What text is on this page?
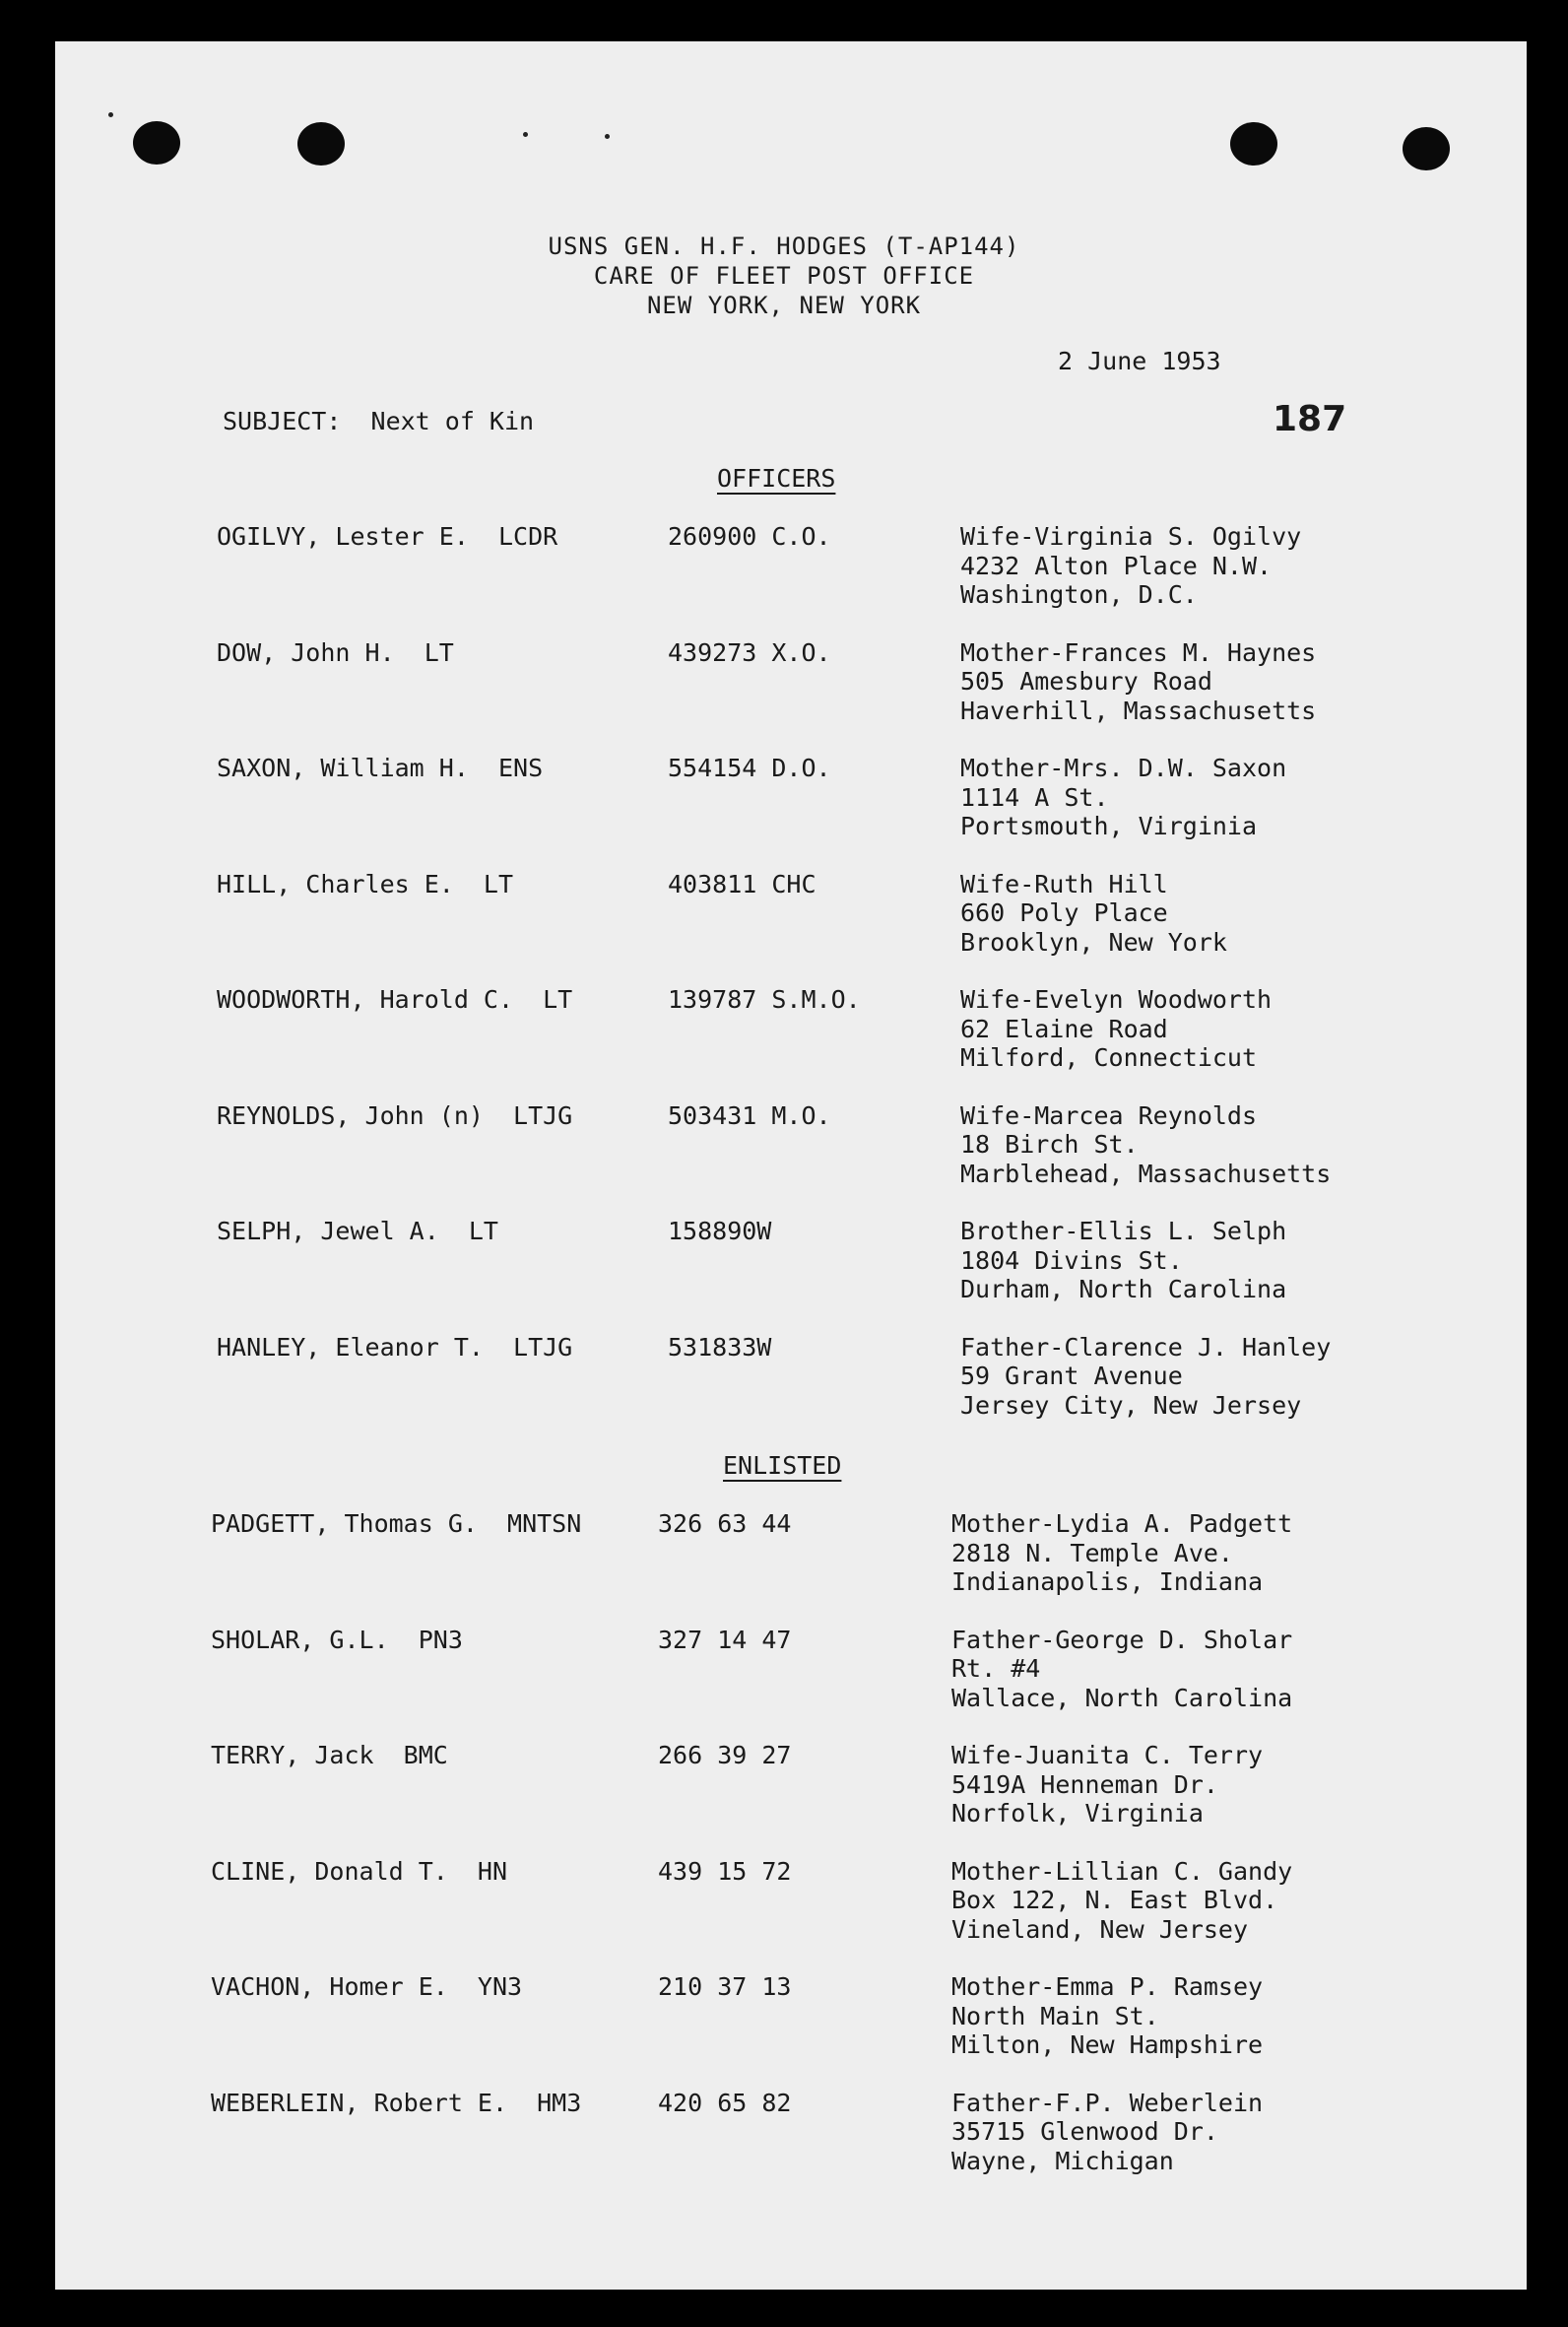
USNS GEN. H.F. HODGES (T-AP144)
CARE OF FLEET POST OFFICE
NEW YORK, NEW YORK
2 June 1953
SUBJECT:  Next of Kin	187
OFFICERS
OGILVY, Lester E.  LCDR	260900 C.O.	Wife-Virginia S. Ogilvy
4232 Alton Place N.W.
Washington, D.C.
DOW, John H.  LT	439273 X.O.	Mother-Frances M. Haynes
505 Amesbury Road
Haverhill, Massachusetts
SAXON, William H.  ENS	554154 D.O.	Mother-Mrs. D.W. Saxon
1114 A St.
Portsmouth, Virginia
HILL, Charles E.  LT	403811 CHC	Wife-Ruth Hill
660 Poly Place
Brooklyn, New York
WOODWORTH, Harold C.  LT	139787 S.M.O.	Wife-Evelyn Woodworth
62 Elaine Road
Milford, Connecticut
REYNOLDS, John (n)  LTJG	503431 M.O.	Wife-Marcea Reynolds
18 Birch St.
Marblehead, Massachusetts
SELPH, Jewel A.  LT	158890W	Brother-Ellis L. Selph
1804 Divins St.
Durham, North Carolina
HANLEY, Eleanor T.  LTJG	531833W	Father-Clarence J. Hanley
59 Grant Avenue
Jersey City, New Jersey
ENLISTED
PADGETT, Thomas G.  MNTSN	326 63 44	Mother-Lydia A. Padgett
2818 N. Temple Ave.
Indianapolis, Indiana
SHOLAR, G.L.  PN3	327 14 47	Father-George D. Sholar
Rt. #4
Wallace, North Carolina
TERRY, Jack  BMC	266 39 27	Wife-Juanita C. Terry
5419A Henneman Dr.
Norfolk, Virginia
CLINE, Donald T.  HN	439 15 72	Mother-Lillian C. Gandy
Box 122, N. East Blvd.
Vineland, New Jersey
VACHON, Homer E.  YN3	210 37 13	Mother-Emma P. Ramsey
North Main St.
Milton, New Hampshire
WEBERLEIN, Robert E.  HM3	420 65 82	Father-F.P. Weberlein
35715 Glenwood Dr.
Wayne, Michigan
